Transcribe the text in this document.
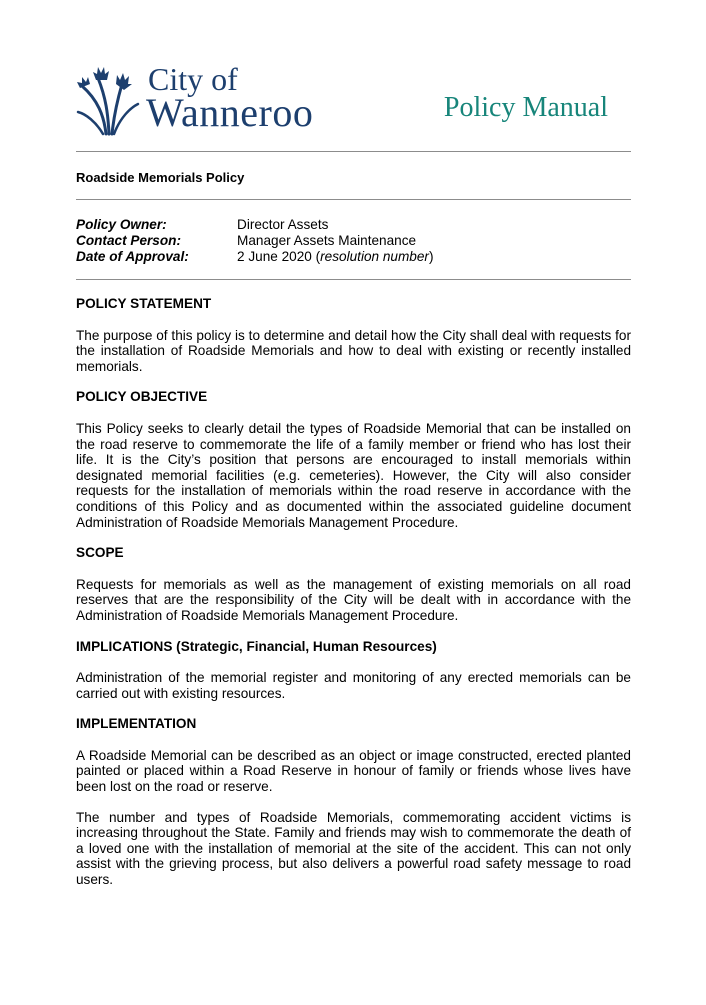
City of
Wanneroo	Policy Manual
Roadside Memorials Policy
Policy Owner:	Director Assets
Contact Person:	Manager Assets Maintenance
Date of Approval:	2 June 2020 (resolution number)
POLICY STATEMENT

The purpose of this policy is to determine and detail how the City shall deal with requests for the installation of Roadside Memorials and how to deal with existing or recently installed memorials.

POLICY OBJECTIVE

This Policy seeks to clearly detail the types of Roadside Memorial that can be installed on the road reserve to commemorate the life of a family member or friend who has lost their life. It is the City’s position that persons are encouraged to install memorials within designated memorial facilities (e.g. cemeteries). However, the City will also consider requests for the installation of memorials within the road reserve in accordance with the conditions of this Policy and as documented within the associated guideline document Administration of Roadside Memorials Management Procedure.

SCOPE

Requests for memorials as well as the management of existing memorials on all road reserves that are the responsibility of the City will be dealt with in accordance with the Administration of Roadside Memorials Management Procedure.

IMPLICATIONS (Strategic, Financial, Human Resources)

Administration of the memorial register and monitoring of any erected memorials can be carried out with existing resources.

IMPLEMENTATION

A Roadside Memorial can be described as an object or image constructed, erected planted painted or placed within a Road Reserve in honour of family or friends whose lives have been lost on the road or reserve.

The number and types of Roadside Memorials, commemorating accident victims is increasing throughout the State. Family and friends may wish to commemorate the death of a loved one with the installation of memorial at the site of the accident. This can not only assist with the grieving process, but also delivers a powerful road safety message to road users.
